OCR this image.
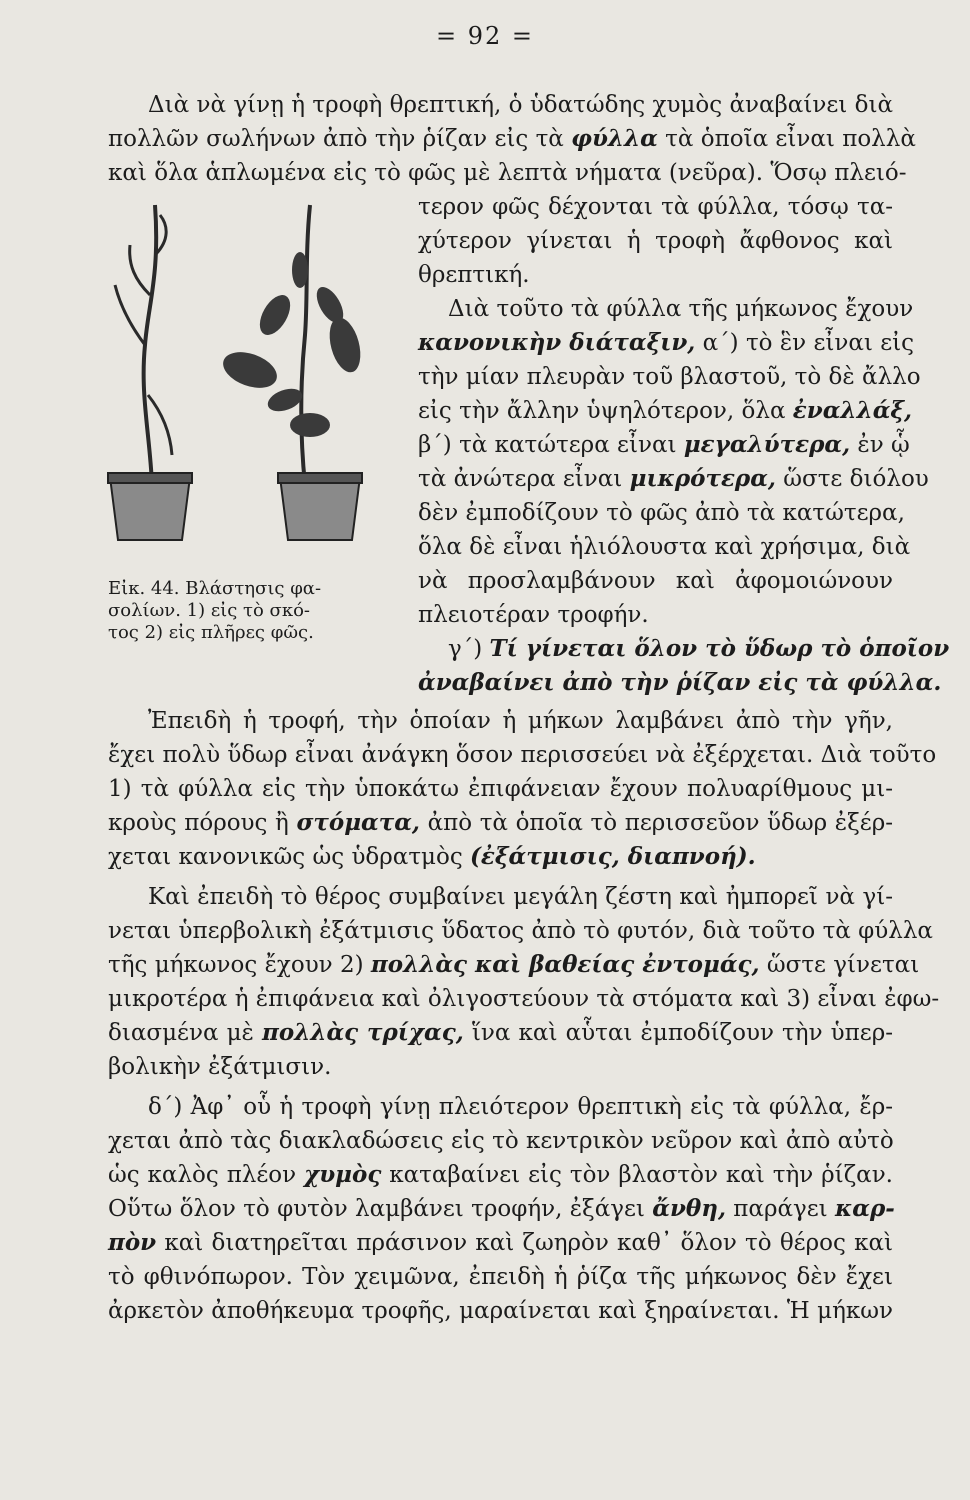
= 92 =
Εἰκ. 44. Βλάστησις φα-
σολίων. 1) εἰς τὸ σκό-
τος 2) εἰς πλῆρες φῶς.
Διὰ νὰ γίνῃ ἡ τροφὴ θρεπτική, ὁ ὑδατώδης χυμὸς ἀναβαίνει διὰ
πολλῶν σωλήνων ἀπὸ τὴν ῥίζαν εἰς τὰ φύλλα τὰ ὁποῖα εἶναι πολλὰ
καὶ ὅλα ἁπλωμένα εἰς τὸ φῶς μὲ λεπτὰ νήματα (νεῦρα). Ὅσῳ πλειό-
τερον φῶς δέχονται τὰ φύλλα, τόσῳ τα-
χύτερον γίνεται ἡ τροφὴ ἄφθονος καὶ
θρεπτική.
Διὰ τοῦτο τὰ φύλλα τῆς μήκωνος ἔχουν
κανονικὴν διάταξιν, α΄) τὸ ἓν εἶναι εἰς
τὴν μίαν πλευρὰν τοῦ βλαστοῦ, τὸ δὲ ἄλλο
εἰς τὴν ἄλλην ὑψηλότερον, ὅλα ἐναλλάξ,
β΄) τὰ κατώτερα εἶναι μεγαλύτερα, ἐν ᾧ
τὰ ἀνώτερα εἶναι μικρότερα, ὥστε διόλου
δὲν ἐμποδίζουν τὸ φῶς ἀπὸ τὰ κατώτερα,
ὅλα δὲ εἶναι ἡλιόλουστα καὶ χρήσιμα, διὰ
νὰ προσλαμβάνουν καὶ ἀφομοιώνουν
πλειοτέραν τροφήν.
γ΄) Τί γίνεται ὅλον τὸ ὕδωρ τὸ ὁποῖον
ἀναβαίνει ἀπὸ τὴν ῥίζαν εἰς τὰ φύλλα.
Ἐπειδὴ ἡ τροφή, τὴν ὁποίαν ἡ μήκων λαμβάνει ἀπὸ τὴν γῆν,
ἔχει πολὺ ὕδωρ εἶναι ἀνάγκη ὅσον περισσεύει νὰ ἐξέρχεται. Διὰ τοῦτο
1) τὰ φύλλα εἰς τὴν ὑποκάτω ἐπιφάνειαν ἔχουν πολυαρίθμους μι-
κροὺς πόρους ἢ στόματα, ἀπὸ τὰ ὁποῖα τὸ περισσεῦον ὕδωρ ἐξέρ-
χεται κανονικῶς ὡς ὑδρατμὸς (ἐξάτμισις, διαπνοή).
Καὶ ἐπειδὴ τὸ θέρος συμβαίνει μεγάλη ζέστη καὶ ἠμπορεῖ νὰ γί-
νεται ὑπερβολικὴ ἐξάτμισις ὕδατος ἀπὸ τὸ φυτόν, διὰ τοῦτο τὰ φύλλα
τῆς μήκωνος ἔχουν 2) πολλὰς καὶ βαθείας ἐντομάς, ὥστε γίνεται
μικροτέρα ἡ ἐπιφάνεια καὶ ὀλιγοστεύουν τὰ στόματα καὶ 3) εἶναι ἐφω-
διασμένα μὲ πολλὰς τρίχας, ἵνα καὶ αὗται ἐμποδίζουν τὴν ὑπερ-
βολικὴν ἐξάτμισιν.
δ΄) Ἀφ᾿ οὗ ἡ τροφὴ γίνῃ πλειότερον θρεπτικὴ εἰς τὰ φύλλα, ἔρ-
χεται ἀπὸ τὰς διακλαδώσεις εἰς τὸ κεντρικὸν νεῦρον καὶ ἀπὸ αὐτὸ
ὡς καλὸς πλέον χυμὸς καταβαίνει εἰς τὸν βλαστὸν καὶ τὴν ῥίζαν.
Οὕτω ὅλον τὸ φυτὸν λαμβάνει τροφήν, ἐξάγει ἄνθη, παράγει καρ-
πὸν καὶ διατηρεῖται πράσινον καὶ ζωηρὸν καθ᾿ ὅλον τὸ θέρος καὶ
τὸ φθινόπωρον. Τὸν χειμῶνα, ἐπειδὴ ἡ ῥίζα τῆς μήκωνος δὲν ἔχει
ἀρκετὸν ἀποθήκευμα τροφῆς, μαραίνεται καὶ ξηραίνεται. Ἡ μήκων
